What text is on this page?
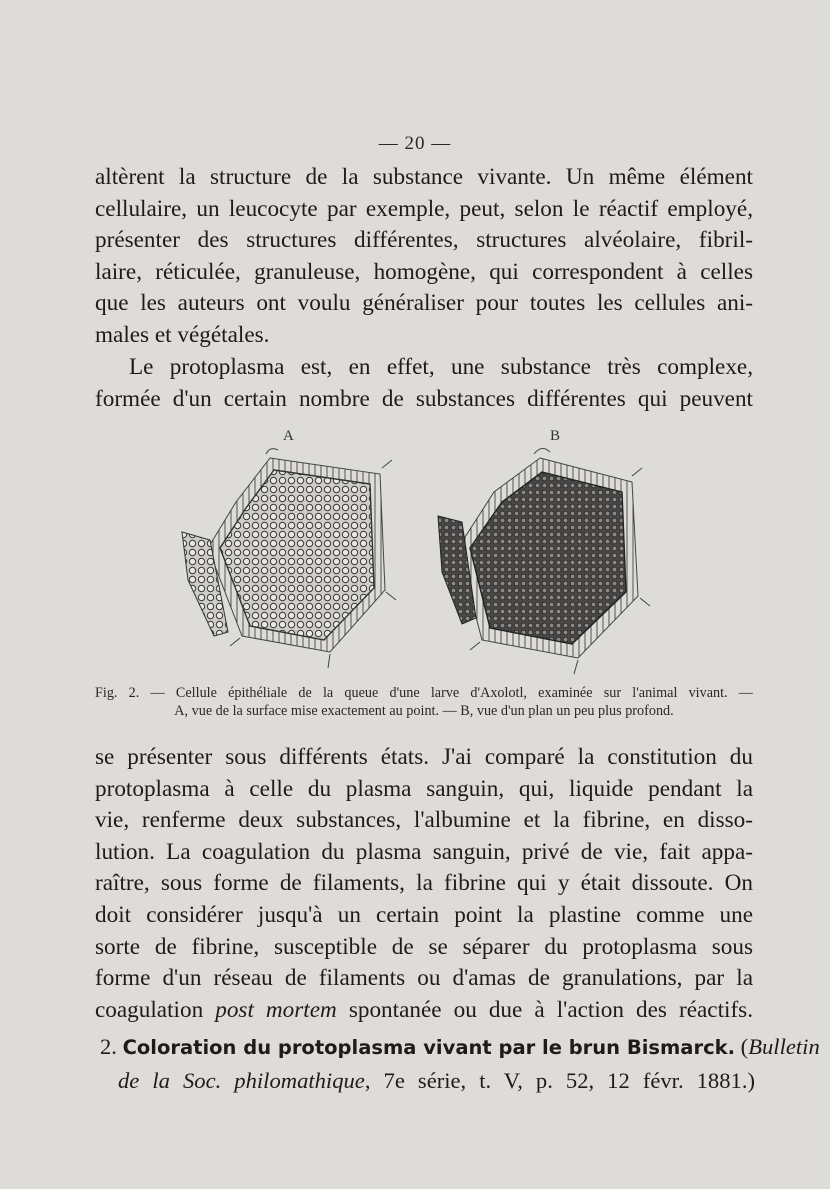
— 20 —

altèrent la structure de la substance vivante. Un même élément
cellulaire, un leucocyte par exemple, peut, selon le réactif employé,
présenter des structures différentes, structures alvéolaire, fibril-
laire, réticulée, granuleuse, homogène, qui correspondent à celles
que les auteurs ont voulu généraliser pour toutes les cellules ani-
males et végétales.

Le protoplasma est, en effet, une substance très complexe,
formée d'un certain nombre de substances différentes qui peuvent

A	B
Fig. 2. — Cellule épithéliale de la queue d'une larve d'Axolotl, examinée sur l'animal vivant. —
A, vue de la surface mise exactement au point. — B, vue d'un plan un peu plus profond.

se présenter sous différents états. J'ai comparé la constitution du
protoplasma à celle du plasma sanguin, qui, liquide pendant la
vie, renferme deux substances, l'albumine et la fibrine, en disso-
lution. La coagulation du plasma sanguin, privé de vie, fait appa-
raître, sous forme de filaments, la fibrine qui y était dissoute. On
doit considérer jusqu'à un certain point la plastine comme une
sorte de fibrine, susceptible de se séparer du protoplasma sous
forme d'un réseau de filaments ou d'amas de granulations, par la
coagulation post mortem spontanée ou due à l'action des réactifs.

2. Coloration du protoplasma vivant par le brun Bismarck. (Bulletin
de la Soc. philomathique, 7e série, t. V, p. 52, 12 févr. 1881.)
